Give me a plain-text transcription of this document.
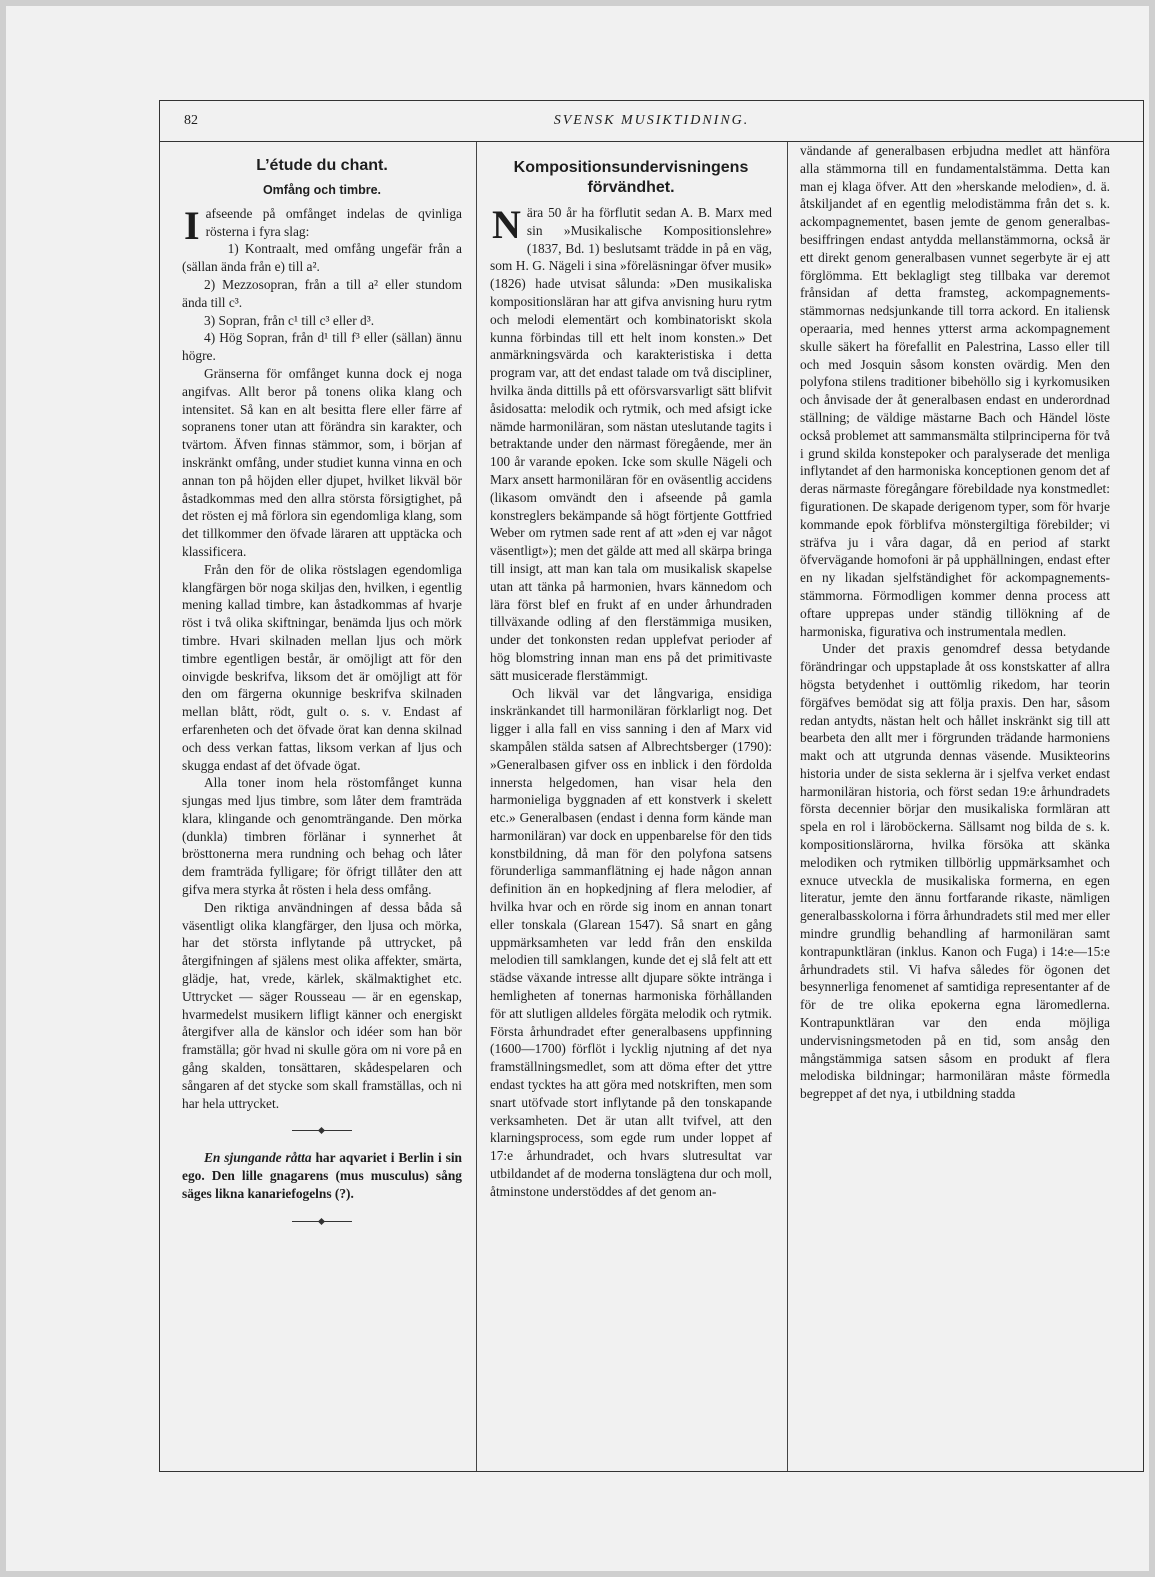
82	SVENSK MUSIKTIDNING.
L’étude du chant.
Omfång och timbre.

Iafseende på omfånget indelas de qvinliga rösterna i fyra slag:

1) Kontraalt, med omfång ungefär från a (sällan ända från e) till a².

2) Mezzosopran, från a till a² eller stundom ända till c³.

3) Sopran, från c¹ till c³ eller d³.

4) Hög Sopran, från d¹ till f³ eller (sällan) ännu högre.

Gränserna för omfånget kunna dock ej noga angifvas. Allt beror på tonens olika klang och intensitet. Så kan en alt besitta flere eller färre af sopranens toner utan att förändra sin karakter, och tvärtom. Äfven finnas stämmor, som, i början af inskränkt omfång, under studiet kunna vinna en och annan ton på höjden eller djupet, hvilket likväl bör åstadkommas med den allra största försigtighet, på det rösten ej må förlora sin egendomliga klang, som det tillkommer den öfvade läraren att upptäcka och klassificera.

Från den för de olika röstslagen egendomliga klangfärgen bör noga skiljas den, hvilken, i egentlig mening kallad timbre, kan åstadkommas af hvarje röst i två olika skiftningar, benämda ljus och mörk timbre. Hvari skilnaden mellan ljus och mörk timbre egentligen består, är omöjligt att för den oinvigde beskrifva, liksom det är omöjligt att för den om färgerna okunnige beskrifva skilnaden mellan blått, rödt, gult o. s. v. Endast af erfarenheten och det öfvade örat kan denna skilnad och dess verkan fattas, liksom verkan af ljus och skugga endast af det öfvade ögat.

Alla toner inom hela röstomfånget kunna sjungas med ljus timbre, som låter dem framträda klara, klingande och genomträngande. Den mörka (dunkla) timbren förlänar i synnerhet åt brösttonerna mera rundning och behag och låter dem framträda fylligare; för öfrigt tillåter den att gifva mera styrka åt rösten i hela dess omfång.

Den riktiga användningen af dessa båda så väsentligt olika klangfärger, den ljusa och mörka, har det största inflytande på uttrycket, på återgifningen af själens mest olika affekter, smärta, glädje, hat, vrede, kärlek, skälmaktighet etc. Uttrycket — säger Rousseau — är en egenskap, hvarmedelst musikern lifligt känner och energiskt återgifver alla de känslor och idéer som han bör framställa; gör hvad ni skulle göra om ni vore på en gång skalden, tonsättaren, skådespelaren och sångaren af det stycke som skall framställas, och ni har hela uttrycket.

En sjungande råtta har aqvariet i Berlin i sin ego. Den lille gnagarens (mus musculus) sång säges likna kanariefogelns (?).

Kompositionsundervisningens förvändhet.

Nära 50 år ha förflutit sedan A. B. Marx med sin »Musikalische Kompositionslehre» (1837, Bd. 1) beslutsamt trädde in på en väg, som H. G. Nägeli i sina »föreläsningar öfver musik» (1826) hade utvisat sålunda: »Den musikaliska kompositionsläran har att gifva anvisning huru rytm och melodi elementärt och kombinatoriskt skola kunna förbindas till ett helt inom konsten.» Det anmärkningsvärda och karakteristiska i detta program var, att det endast talade om två discipliner, hvilka ända dittills på ett oförsvarsvarligt sätt blifvit åsidosatta: melodik och rytmik, och med afsigt icke nämde harmoniläran, som nästan uteslutande tagits i betraktande under den närmast föregående, mer än 100 år varande epoken. Icke som skulle Nägeli och Marx ansett harmoniläran för en oväsentlig accidens (likasom omvändt den i afseende på gamla konstreglers bekämpande så högt förtjente Gottfried Weber om rytmen sade rent af att »den ej var något väsentligt»); men det gälde att med all skärpa bringa till insigt, att man kan tala om musikalisk skapelse utan att tänka på harmonien, hvars kännedom och lära först blef en frukt af en under århundraden tillväxande odling af den flerstämmiga musiken, under det tonkonsten redan upplefvat perioder af hög blomstring innan man ens på det primitivaste sätt musicerade flerstämmigt.

Och likväl var det långvariga, ensidiga inskränkandet till harmoniläran förklarligt nog. Det ligger i alla fall en viss sanning i den af Marx vid skampålen stälda satsen af Albrechtsberger (1790): »Generalbasen gifver oss en inblick i den fördolda innersta helgedomen, han visar hela den harmonieliga byggnaden af ett konstverk i skelett etc.» Generalbasen (endast i denna form kände man harmoniläran) var dock en uppenbarelse för den tids konstbildning, då man för den polyfona satsens förunderliga sammanflätning ej hade någon annan definition än en hopkedjning af flera melodier, af hvilka hvar och en rörde sig inom en annan tonart eller tonskala (Glarean 1547). Så snart en gång uppmärksamheten var ledd från den enskilda melodien till samklangen, kunde det ej slå felt att ett städse växande intresse allt djupare sökte inträngа i hemligheten af tonernas harmoniska förhållanden för att slutligen alldeles förgäta melodik och rytmik. Första århundradet efter generalbasens uppfinning (1600—1700) förflöt i lycklig njutning af det nya framställningsmedlet, som att döma efter det yttre endast tycktes ha att göra med notskriften, men som snart utöfvade stort inflytande på den tonskapande verksamheten. Det är utan allt tvifvel, att den klarningsprocess, som egde rum under loppet af 17:e århundradet, och hvars slutresultat var utbildandet af de moderna tonslägtena dur och moll, åtminstone understöddes af det genom an-

vändande af generalbasen erbjudna medlet att hänföra alla stämmorna till en fundamentalstämma. Detta kan man ej klaga öfver. Att den »herskande melodien», d. ä. åtskiljandet af en egentlig melodistämma från det s. k. ackompagnementet, basen jemte de genom generalbas-besiffringen endast antydda mellanstämmorna, också är ett direkt genom generalbasen vunnet segerbyte är ej att förglömma. Ett beklagligt steg tillbaka var deremot frånsidan af detta framsteg, ackompagnements-stämmornas nedsjunkande till torra ackord. En italiensk operaaria, med hennes ytterst arma ackompagnement skulle säkert ha förefallit en Palestrina, Lasso eller till och med Josquin såsom konsten ovärdig. Men den polyfona stilens traditioner bibehöllo sig i kyrkomusiken och ånvisade der åt generalbasen endast en underordnad ställning; de väldige mästarne Bach och Händel löste också problemet att sammansmälta stilprinciperna för två i grund skilda konstepoker och paralyserade det menliga inflytandet af den harmoniska konceptionen genom det af deras närmaste föregångare förebildade nya konstmedlet: figurationen. De skapade derigenom typer, som för hvarje kommande epok förblifva mönstergiltiga förebilder; vi sträfva ju i våra dagar, då en period af starkt öfvervägande homofoni är på upphällningen, endast efter en ny likadan sjelfständighet för ackompagnements-stämmorna. Förmodligen kommer denna process att oftare upprepas under ständig tillökning af de harmoniska, figurativa och instrumentala medlen.

Under det praxis genomdref dessa betydande förändringar och uppstaplade åt oss konstskatter af allra högsta betydenhet i outtömlig rikedom, har teorin förgäfves bemödat sig att följa praxis. Den har, såsom redan antydts, nästan helt och hållet inskränkt sig till att bearbeta den allt mer i förgrunden trädande harmoniens makt och att utgrunda dennas väsende. Musikteorins historia under de sista seklerna är i sjelfva verket endast harmoniläran historia, och först sedan 19:e århundradets första decennier börjar den musikaliska formläran att spela en rol i läroböckerna. Sällsamt nog bilda de s. k. kompositionslärorna, hvilka försöka att skänka melodiken och rytmiken tillbörlig uppmärksamhet och exnuce utveckla de musikaliska formerna, en egen literatur, jemte den ännu fortfarande rikaste, nämligen generalbasskolorna i förra århundradets stil med mer eller mindre grundlig behandling af harmoniläran samt kontrapunktläran (inklus. Kanon och Fuga) i 14:e—15:e århundradets stil. Vi hafva således för ögonen det besynnerliga fenomenet af samtidiga representanter af de för de tre olika epokerna egna läromedlerna. Kontrapunktläran var den enda möjliga undervisningsmetoden på en tid, som ansåg den mångstämmiga satsen såsom en produkt af flera melodiska bildningar; harmoniläran måste förmedla begreppet af det nya, i utbildning stadda
